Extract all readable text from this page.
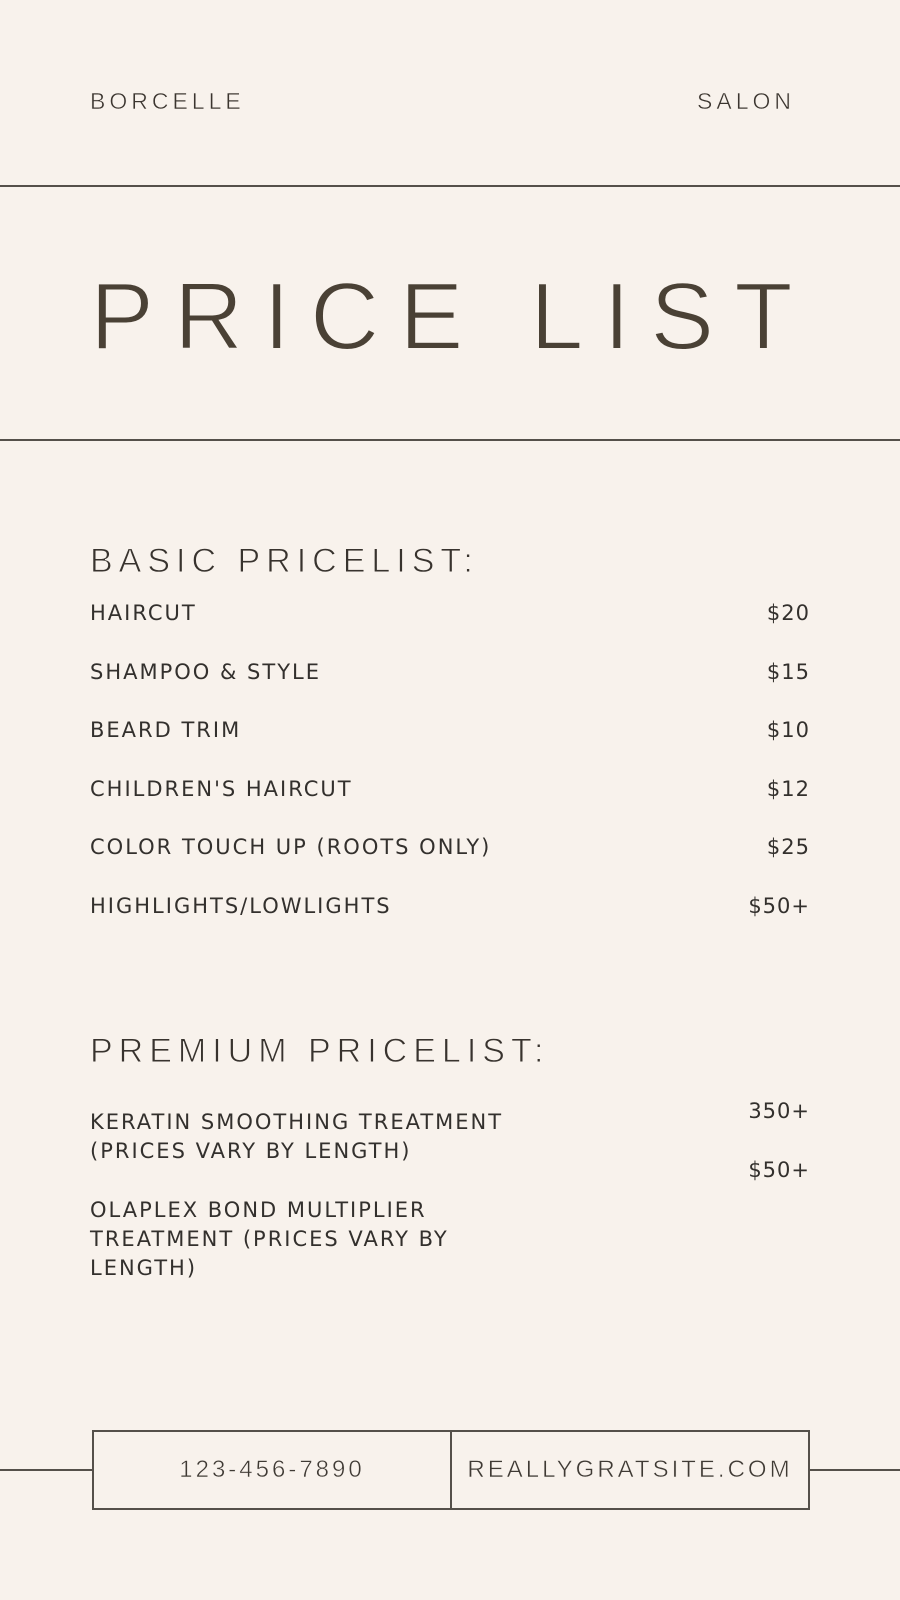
BORCELLE	SALON
PRICE LIST
BASIC PRICELIST:
HAIRCUT	$20
SHAMPOO & STYLE	$15
BEARD TRIM	$10
CHILDREN'S HAIRCUT	$12
COLOR TOUCH UP (ROOTS ONLY)	$25
HIGHLIGHTS/LOWLIGHTS	$50+
PREMIUM PRICELIST:
KERATIN SMOOTHING TREATMENT (PRICES VARY BY LENGTH)
350+
OLAPLEX BOND MULTIPLIER TREATMENT (PRICES VARY BY LENGTH)
$50+
123-456-7890	REALLYGRATSITE.COM
